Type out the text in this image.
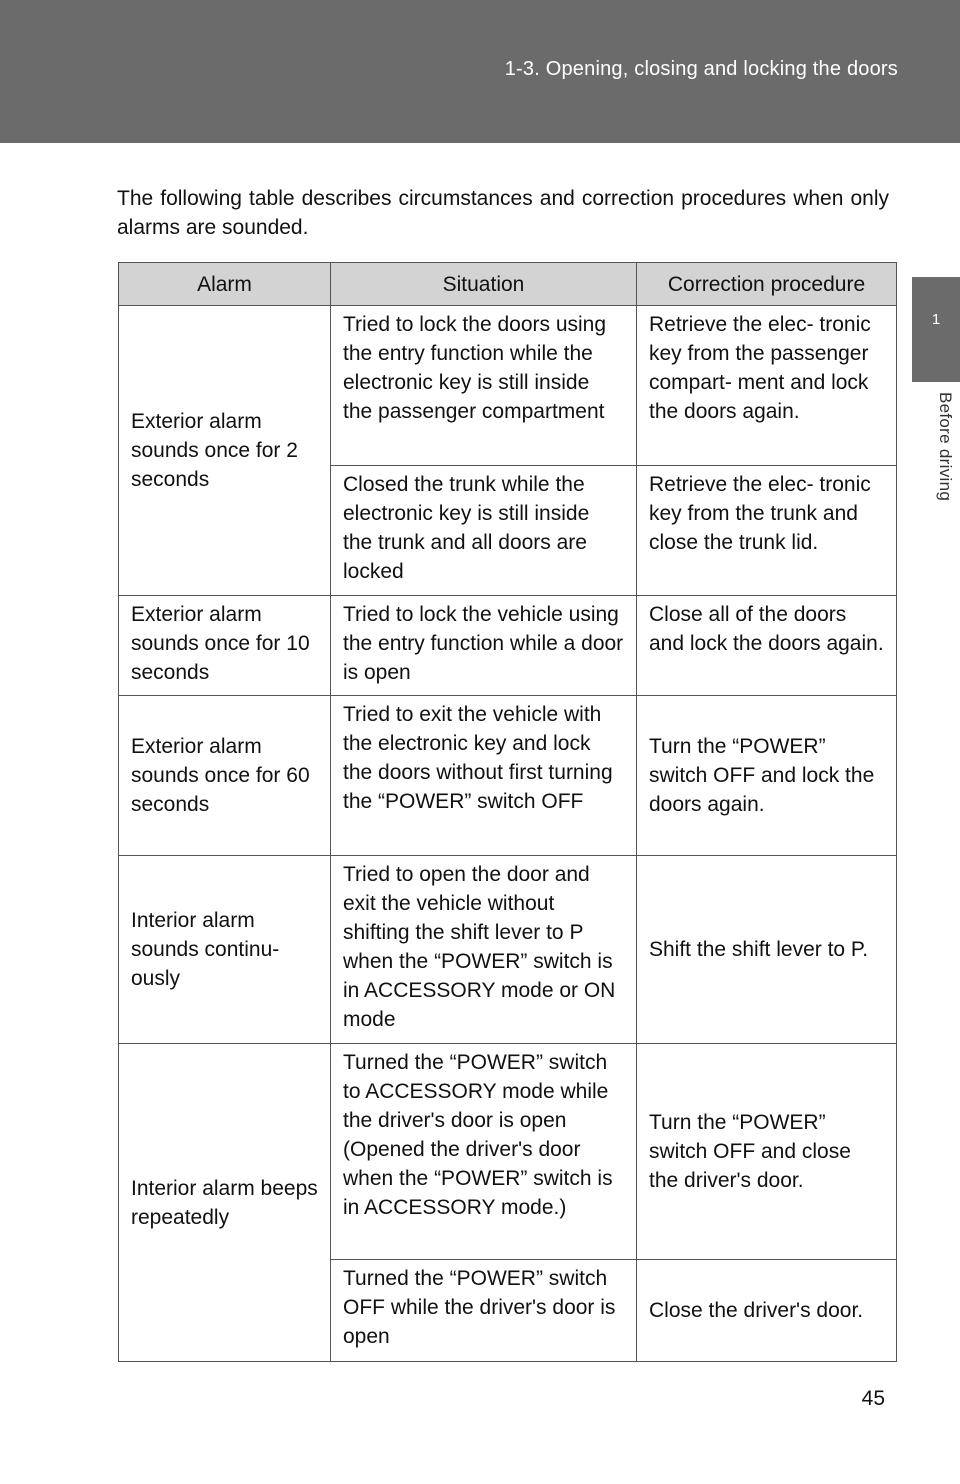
1-3. Opening, closing and locking the doors
1
Before driving
The following table describes circumstances and correction procedures when only alarms are sounded.
Alarm	Situation	Correction procedure
Exterior alarm sounds once for 2 seconds	Tried to lock the doors using the entry function while the electronic key is still inside the passenger compartment	Retrieve the elec- tronic key from the passenger compart- ment and lock the doors again.
	Closed the trunk while the electronic key is still inside the trunk and all doors are locked	Retrieve the elec- tronic key from the trunk and close the trunk lid.
Exterior alarm sounds once for 10 seconds	Tried to lock the vehicle using the entry function while a door is open	Close all of the doors and lock the doors again.
Exterior alarm sounds once for 60 seconds	Tried to exit the vehicle with the electronic key and lock the doors without first turning the “POWER” switch OFF	Turn the “POWER” switch OFF and lock the doors again.
Interior alarm sounds continu- ously	Tried to open the door and exit the vehicle without shifting the shift lever to P when the “POWER” switch is in ACCESSORY mode or ON mode	Shift the shift lever to P.
Interior alarm beeps repeatedly	Turned the “POWER” switch to ACCESSORY mode while the driver's door is open (Opened the driver's door when the “POWER” switch is in ACCESSORY mode.)	Turn the “POWER” switch OFF and close the driver's door.
	Turned the “POWER” switch OFF while the driver's door is open	Close the driver's door.
45
